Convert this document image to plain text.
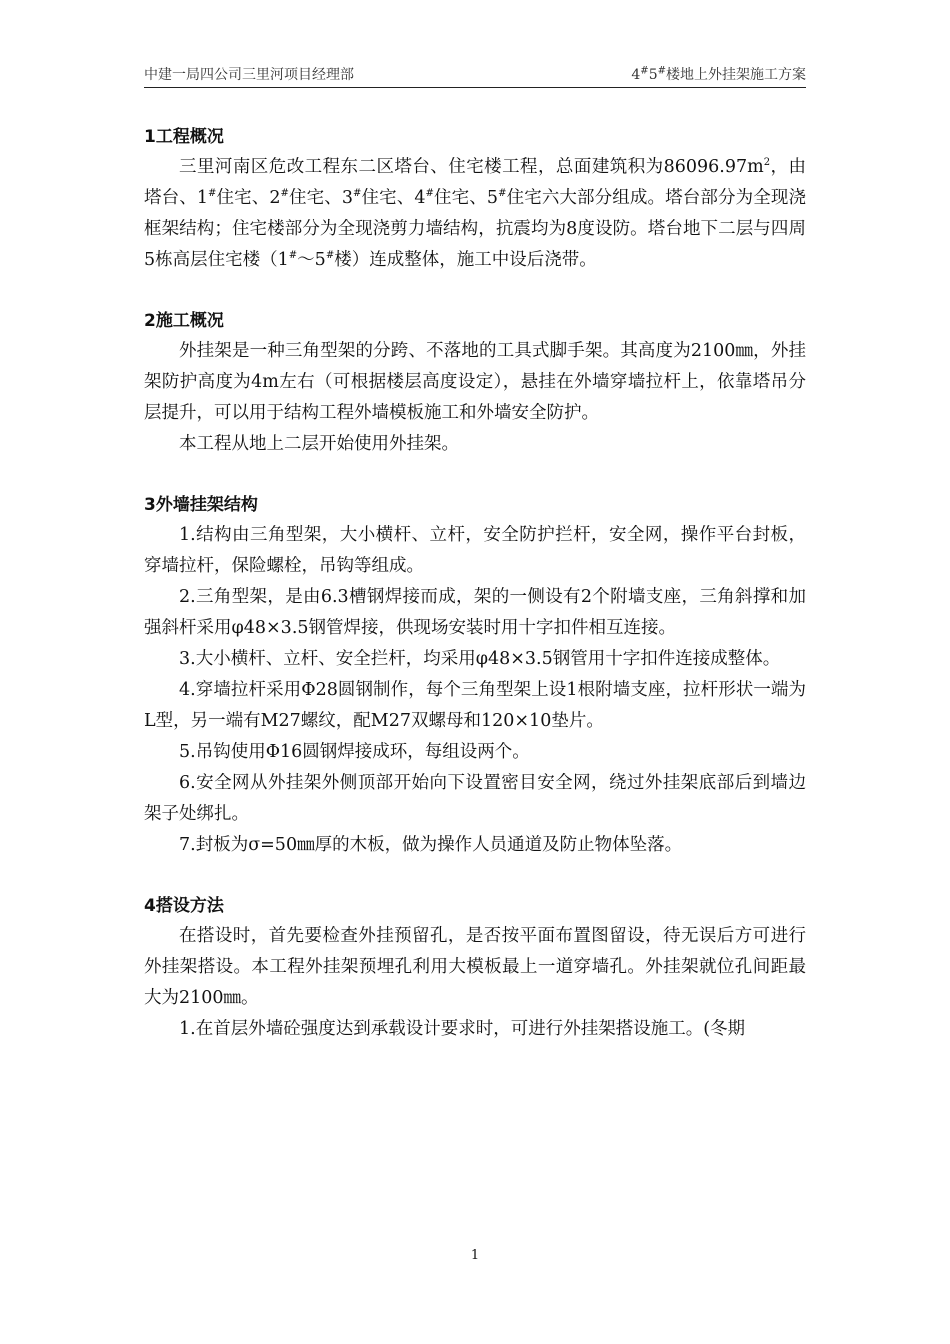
中建一局四公司三里河项目经理部	4#5#楼地上外挂架施工方案
1工程概况

三里河南区危改工程东二区塔台、住宅楼工程，总面建筑积为$86096.97m^2$，由塔台、1#住宅、2#住宅、3#住宅、4#住宅、5#住宅六大部分组成。塔台部分为全现浇框架结构；住宅楼部分为全现浇剪力墙结构，抗震均为8度设防。塔台地下二层与四周5栋高层住宅楼（1#～5#楼）连成整体，施工中设后浇带。

2施工概况

外挂架是一种三角型架的分跨、不落地的工具式脚手架。其高度为2100㎜，外挂架防护高度为4m左右（可根据楼层高度设定），悬挂在外墙穿墙拉杆上，依靠塔吊分层提升，可以用于结构工程外墙模板施工和外墙安全防护。

本工程从地上二层开始使用外挂架。

3外墙挂架结构

1.结构由三角型架，大小横杆、立杆，安全防护拦杆，安全网，操作平台封板，穿墙拉杆，保险螺栓，吊钩等组成。

2.三角型架，是由6.3槽钢焊接而成，架的一侧设有2个附墙支座，三角斜撑和加强斜杆采用φ48×3.5钢管焊接，供现场安装时用十字扣件相互连接。

3.大小横杆、立杆、安全拦杆，均采用φ48×3.5钢管用十字扣件连接成整体。

4.穿墙拉杆采用Φ28圆钢制作，每个三角型架上设1根附墙支座，拉杆形状一端为L型，另一端有M27螺纹，配M27双螺母和120×10垫片。

5.吊钩使用Φ16圆钢焊接成环，每组设两个。

6.安全网从外挂架外侧顶部开始向下设置密目安全网，绕过外挂架底部后到墙边架子处绑扎。

7.封板为σ=50㎜厚的木板，做为操作人员通道及防止物体坠落。

4搭设方法

在搭设时，首先要检查外挂预留孔，是否按平面布置图留设，待无误后方可进行外挂架搭设。本工程外挂架预埋孔利用大模板最上一道穿墙孔。外挂架就位孔间距最大为2100㎜。

1.在首层外墙砼强度达到承载设计要求时，可进行外挂架搭设施工。(冬期

1
